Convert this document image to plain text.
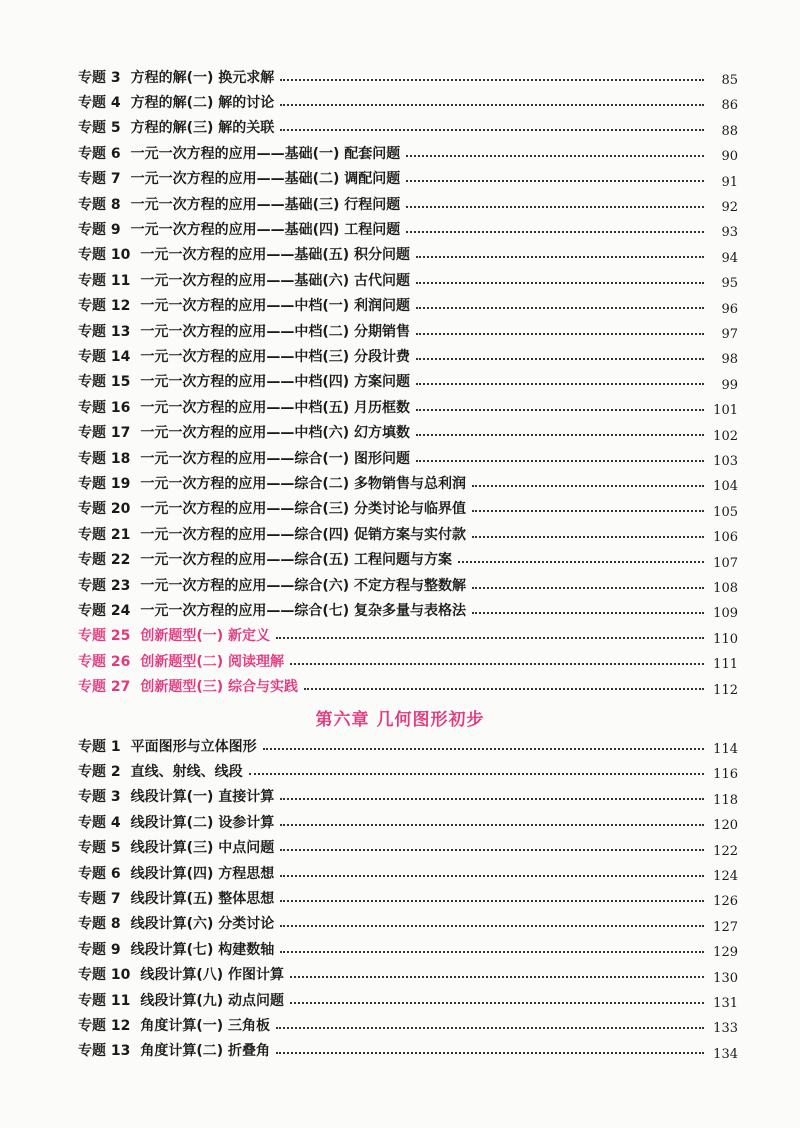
专题 3 方程的解(一) 换元求解	85
专题 4 方程的解(二) 解的讨论	86
专题 5 方程的解(三) 解的关联	88
专题 6 一元一次方程的应用——基础(一) 配套问题	90
专题 7 一元一次方程的应用——基础(二) 调配问题	91
专题 8 一元一次方程的应用——基础(三) 行程问题	92
专题 9 一元一次方程的应用——基础(四) 工程问题	93
专题 10 一元一次方程的应用——基础(五) 积分问题	94
专题 11 一元一次方程的应用——基础(六) 古代问题	95
专题 12 一元一次方程的应用——中档(一) 利润问题	96
专题 13 一元一次方程的应用——中档(二) 分期销售	97
专题 14 一元一次方程的应用——中档(三) 分段计费	98
专题 15 一元一次方程的应用——中档(四) 方案问题	99
专题 16 一元一次方程的应用——中档(五) 月历框数	101
专题 17 一元一次方程的应用——中档(六) 幻方填数	102
专题 18 一元一次方程的应用——综合(一) 图形问题	103
专题 19 一元一次方程的应用——综合(二) 多物销售与总利润	104
专题 20 一元一次方程的应用——综合(三) 分类讨论与临界值	105
专题 21 一元一次方程的应用——综合(四) 促销方案与实付款	106
专题 22 一元一次方程的应用——综合(五) 工程问题与方案	107
专题 23 一元一次方程的应用——综合(六) 不定方程与整数解	108
专题 24 一元一次方程的应用——综合(七) 复杂多量与表格法	109
专题 25 创新题型(一) 新定义	110
专题 26 创新题型(二) 阅读理解	111
专题 27 创新题型(三) 综合与实践	112
第六章 几何图形初步
专题 1 平面图形与立体图形	114
专题 2 直线、射线、线段	116
专题 3 线段计算(一) 直接计算	118
专题 4 线段计算(二) 设参计算	120
专题 5 线段计算(三) 中点问题	122
专题 6 线段计算(四) 方程思想	124
专题 7 线段计算(五) 整体思想	126
专题 8 线段计算(六) 分类讨论	127
专题 9 线段计算(七) 构建数轴	129
专题 10 线段计算(八) 作图计算	130
专题 11 线段计算(九) 动点问题	131
专题 12 角度计算(一) 三角板	133
专题 13 角度计算(二) 折叠角	134
